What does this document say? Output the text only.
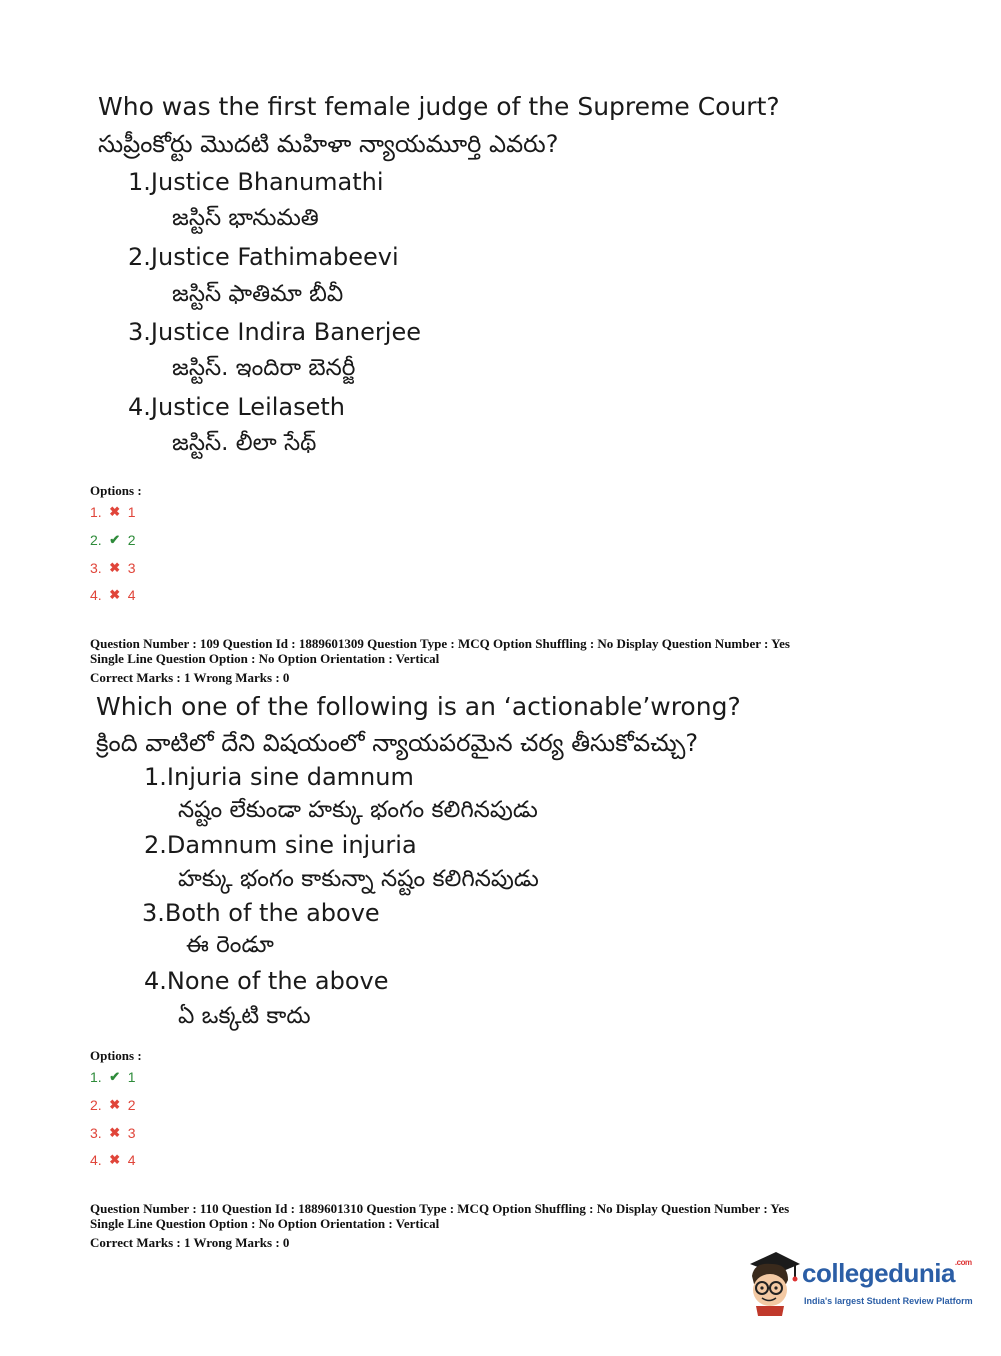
Who was the first female judge of the Supreme Court?
సుప్రీంకోర్టు మొదటి మహిళా న్యాయమూర్తి ఎవరు?
1.Justice Bhanumathi
జస్టిస్ భానుమతి
2.Justice Fathimabeevi
జస్టిస్ ఫాతిమా బీవీ
3.Justice Indira Banerjee
జస్టిస్. ఇందిరా బెనర్జీ
4.Justice Leilaseth
జస్టిస్. లీలా సేథ్
Options :
1. ✖ 1
2. ✔ 2
3. ✖ 3
4. ✖ 4
Question Number : 109 Question Id : 1889601309 Question Type : MCQ Option Shuffling : No Display Question Number : Yes
Single Line Question Option : No Option Orientation : Vertical
Correct Marks : 1 Wrong Marks : 0
Which one of the following is an ‘actionable’wrong?
క్రింది వాటిలో దేని విషయంలో న్యాయపరమైన చర్య తీసుకోవచ్చు?
1.Injuria sine damnum
నష్టం లేకుండా హక్కు భంగం కలిగినపుడు
2.Damnum sine injuria
హక్కు భంగం కాకున్నా నష్టం కలిగినపుడు
3.Both of the above
ఈ రెండూ
4.None of the above
ఏ ఒక్కటి కాదు
Options :
1. ✔ 1
2. ✖ 2
3. ✖ 3
4. ✖ 4
Question Number : 110 Question Id : 1889601310 Question Type : MCQ Option Shuffling : No Display Question Number : Yes
Single Line Question Option : No Option Orientation : Vertical
Correct Marks : 1 Wrong Marks : 0
collegedunia$^{.com}$
India's largest Student Review Platform
